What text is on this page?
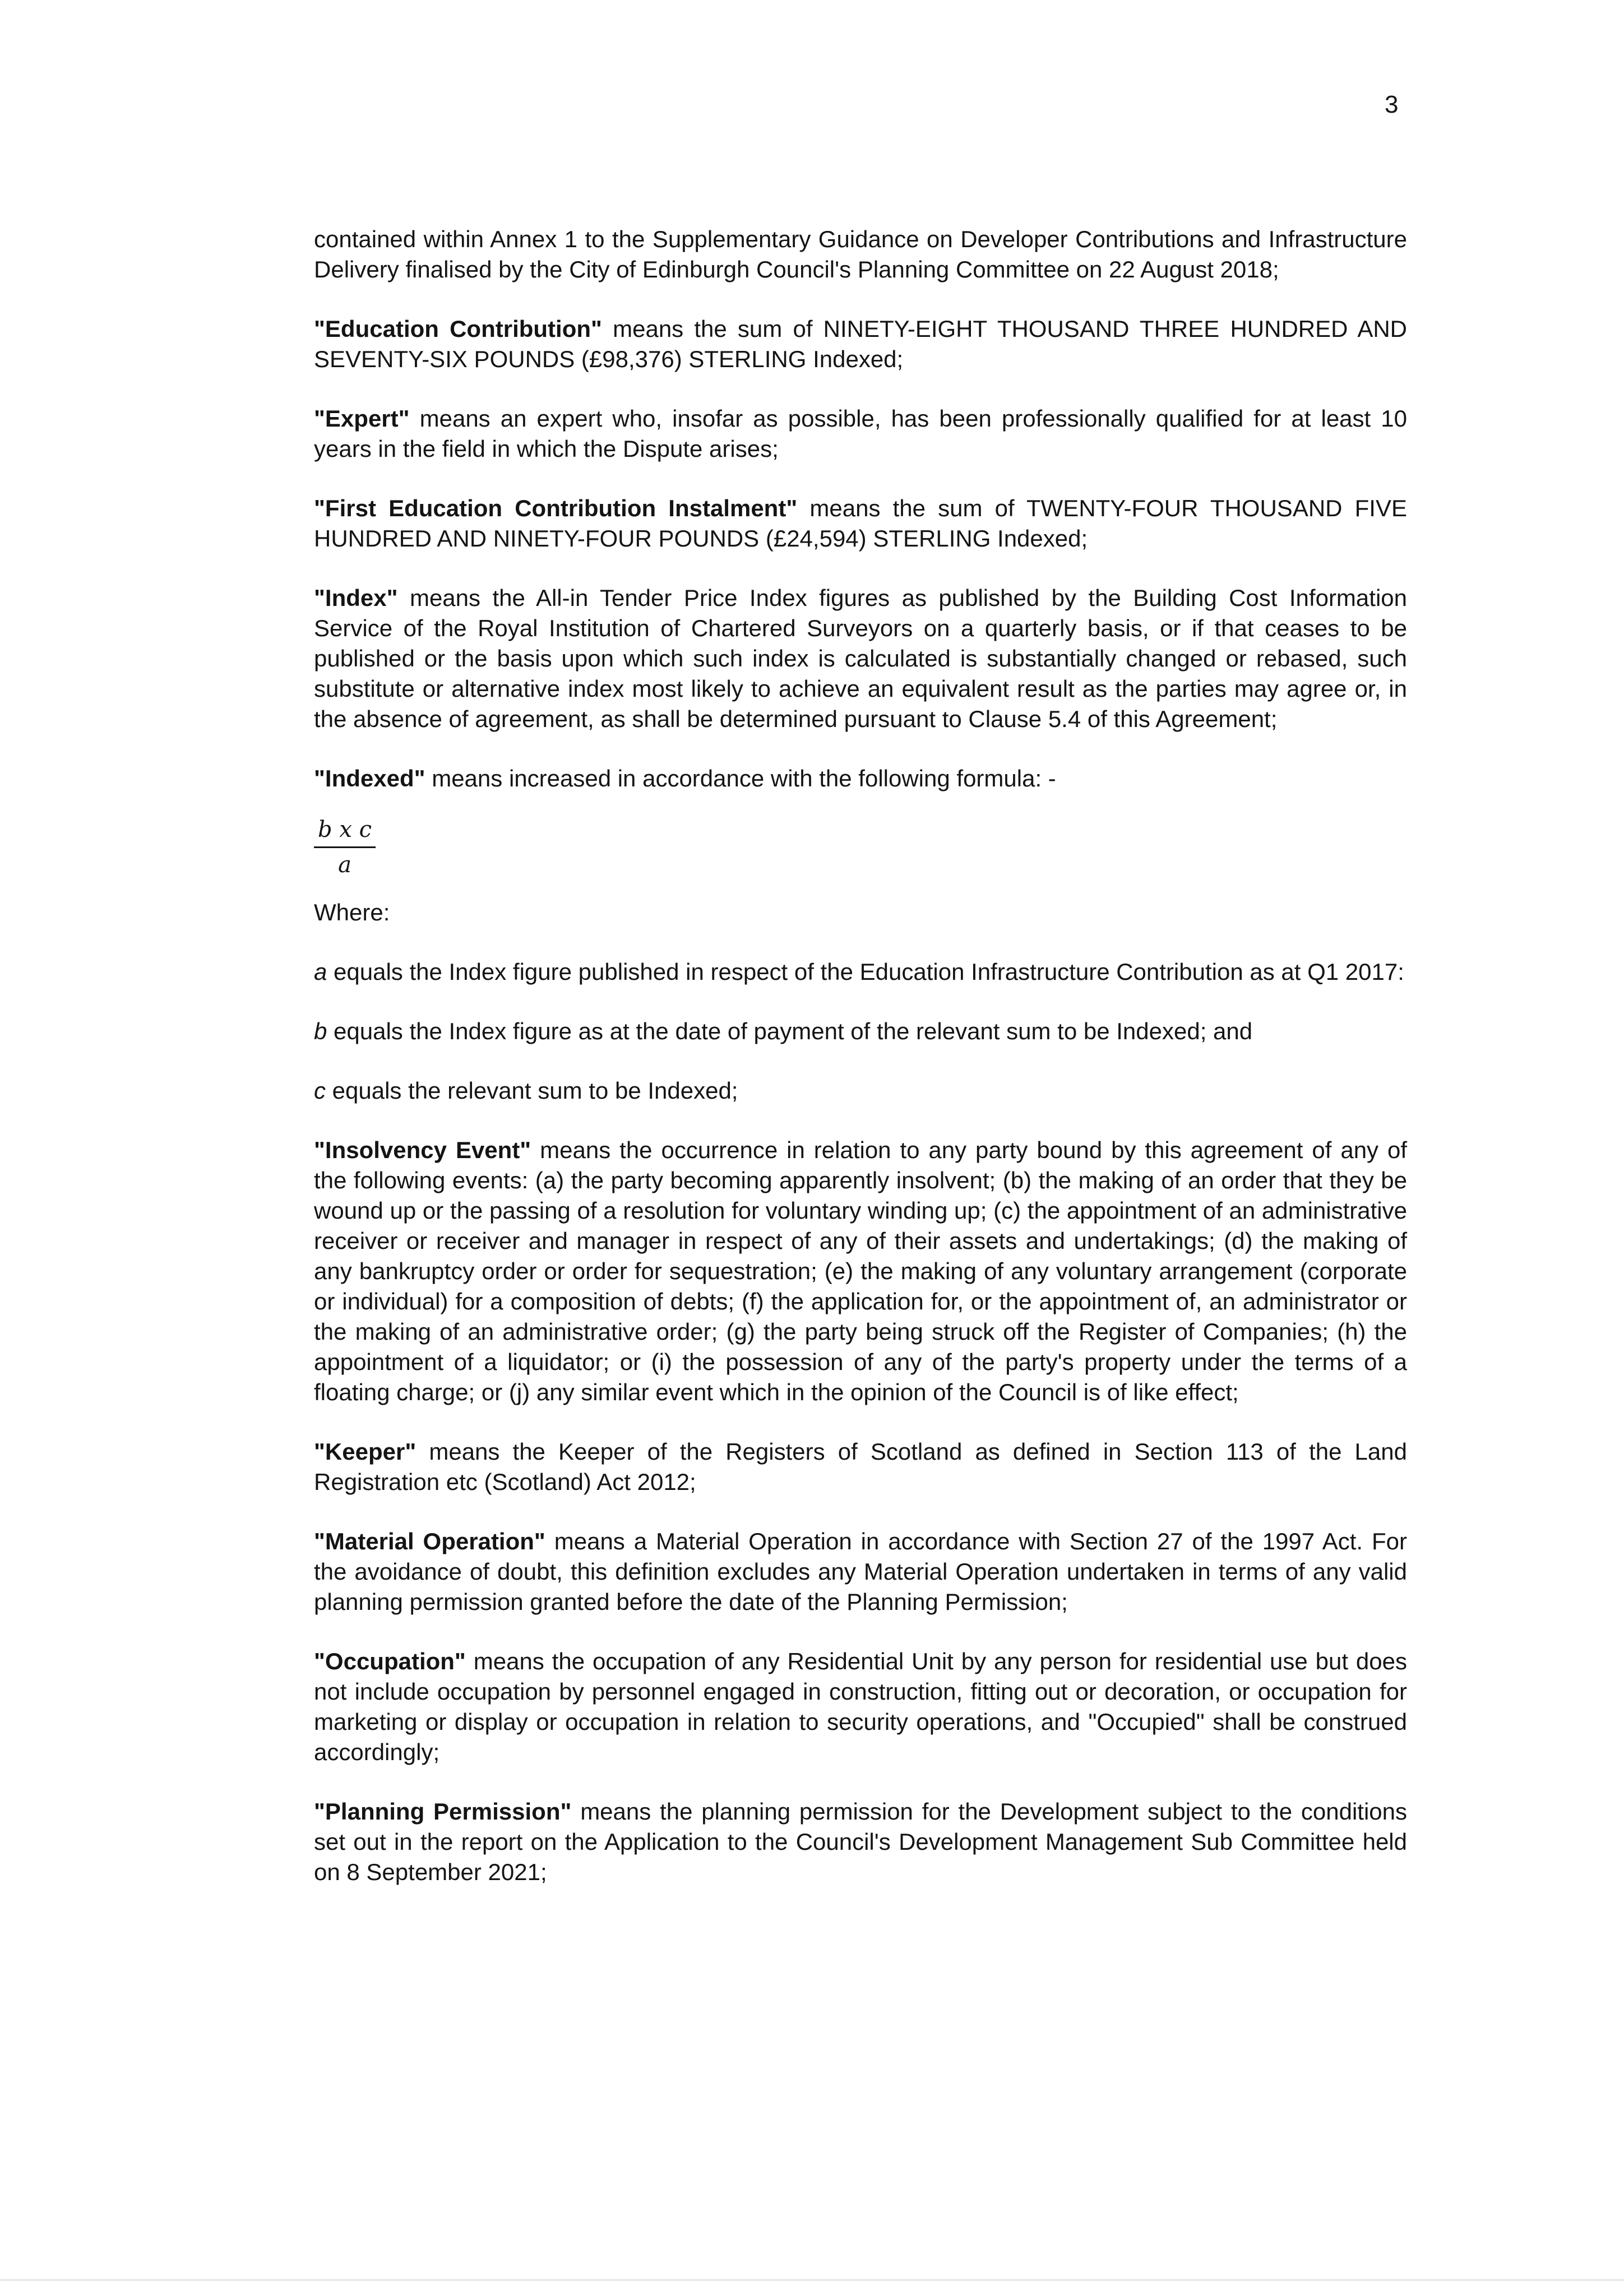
3

contained within Annex 1 to the Supplementary Guidance on Developer Contributions and Infrastructure Delivery finalised by the City of Edinburgh Council's Planning Committee on 22 August 2018;

"Education Contribution" means the sum of NINETY-EIGHT THOUSAND THREE HUNDRED AND SEVENTY-SIX POUNDS (£98,376) STERLING Indexed;

"Expert" means an expert who, insofar as possible, has been professionally qualified for at least 10 years in the field in which the Dispute arises;

"First Education Contribution Instalment" means the sum of TWENTY-FOUR THOUSAND FIVE HUNDRED AND NINETY-FOUR POUNDS (£24,594) STERLING Indexed;

"Index" means the All-in Tender Price Index figures as published by the Building Cost Information Service of the Royal Institution of Chartered Surveyors on a quarterly basis, or if that ceases to be published or the basis upon which such index is calculated is substantially changed or rebased, such substitute or alternative index most likely to achieve an equivalent result as the parties may agree or, in the absence of agreement, as shall be determined pursuant to Clause 5.4 of this Agreement;

"Indexed" means increased in accordance with the following formula: -

b x c
a

Where:

a equals the Index figure published in respect of the Education Infrastructure Contribution as at Q1 2017:

b equals the Index figure as at the date of payment of the relevant sum to be Indexed; and

c equals the relevant sum to be Indexed;

"Insolvency Event" means the occurrence in relation to any party bound by this agreement of any of the following events: (a) the party becoming apparently insolvent; (b) the making of an order that they be wound up or the passing of a resolution for voluntary winding up; (c) the appointment of an administrative receiver or receiver and manager in respect of any of their assets and undertakings; (d) the making of any bankruptcy order or order for sequestration; (e) the making of any voluntary arrangement (corporate or individual) for a composition of debts; (f) the application for, or the appointment of, an administrator or the making of an administrative order; (g) the party being struck off the Register of Companies; (h) the appointment of a liquidator; or (i) the possession of any of the party's property under the terms of a floating charge; or (j) any similar event which in the opinion of the Council is of like effect;

"Keeper" means the Keeper of the Registers of Scotland as defined in Section 113 of the Land Registration etc (Scotland) Act 2012;

"Material Operation" means a Material Operation in accordance with Section 27 of the 1997 Act. For the avoidance of doubt, this definition excludes any Material Operation undertaken in terms of any valid planning permission granted before the date of the Planning Permission;

"Occupation" means the occupation of any Residential Unit by any person for residential use but does not include occupation by personnel engaged in construction, fitting out or decoration, or occupation for marketing or display or occupation in relation to security operations, and "Occupied" shall be construed accordingly;

"Planning Permission" means the planning permission for the Development subject to the conditions set out in the report on the Application to the Council's Development Management Sub Committee held on 8 September 2021;
